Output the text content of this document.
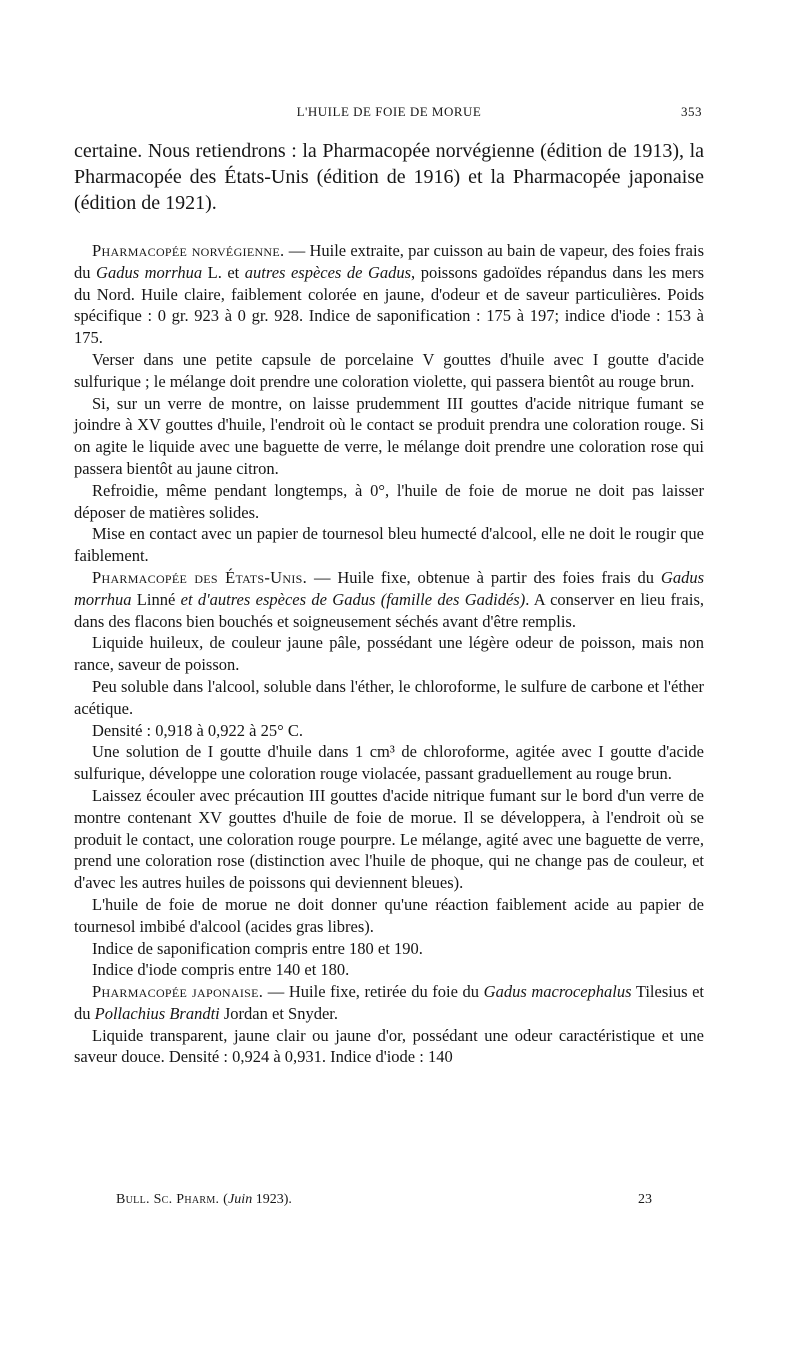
L'HUILE DE FOIE DE MORUE	353
certaine. Nous retiendrons : la Pharmacopée norvégienne (édition de 1913), la Pharmacopée des États-Unis (édition de 1916) et la Pharmacopée japonaise (édition de 1921).

Pharmacopée norvégienne. — Huile extraite, par cuisson au bain de vapeur, des foies frais du Gadus morrhua L. et autres espèces de Gadus, poissons gadoïdes répandus dans les mers du Nord. Huile claire, faiblement colorée en jaune, d'odeur et de saveur particulières. Poids spécifique : 0 gr. 923 à 0 gr. 928. Indice de saponification : 175 à 197; indice d'iode : 153 à 175.

Verser dans une petite capsule de porcelaine V gouttes d'huile avec I goutte d'acide sulfurique ; le mélange doit prendre une coloration violette, qui passera bientôt au rouge brun.

Si, sur un verre de montre, on laisse prudemment III gouttes d'acide nitrique fumant se joindre à XV gouttes d'huile, l'endroit où le contact se produit prendra une coloration rouge. Si on agite le liquide avec une baguette de verre, le mélange doit prendre une coloration rose qui passera bientôt au jaune citron.

Refroidie, même pendant longtemps, à 0°, l'huile de foie de morue ne doit pas laisser déposer de matières solides.

Mise en contact avec un papier de tournesol bleu humecté d'alcool, elle ne doit le rougir que faiblement.

Pharmacopée des États-Unis. — Huile fixe, obtenue à partir des foies frais du Gadus morrhua Linné et d'autres espèces de Gadus (famille des Gadidés). A conserver en lieu frais, dans des flacons bien bouchés et soigneusement séchés avant d'être remplis.

Liquide huileux, de couleur jaune pâle, possédant une légère odeur de poisson, mais non rance, saveur de poisson.

Peu soluble dans l'alcool, soluble dans l'éther, le chloroforme, le sulfure de carbone et l'éther acétique.

Densité : 0,918 à 0,922 à 25° C.

Une solution de I goutte d'huile dans 1 cm³ de chloroforme, agitée avec I goutte d'acide sulfurique, développe une coloration rouge violacée, passant graduellement au rouge brun.

Laissez écouler avec précaution III gouttes d'acide nitrique fumant sur le bord d'un verre de montre contenant XV gouttes d'huile de foie de morue. Il se développera, à l'endroit où se produit le contact, une coloration rouge pourpre. Le mélange, agité avec une baguette de verre, prend une coloration rose (distinction avec l'huile de phoque, qui ne change pas de couleur, et d'avec les autres huiles de poissons qui deviennent bleues).

L'huile de foie de morue ne doit donner qu'une réaction faiblement acide au papier de tournesol imbibé d'alcool (acides gras libres).

Indice de saponification compris entre 180 et 190.

Indice d'iode compris entre 140 et 180.

Pharmacopée japonaise. — Huile fixe, retirée du foie du Gadus macrocephalus Tilesius et du Pollachius Brandti Jordan et Snyder.

Liquide transparent, jaune clair ou jaune d'or, possédant une odeur caractéristique et une saveur douce. Densité : 0,924 à 0,931. Indice d'iode : 140

Bull. Sc. Pharm. (Juin 1923).	23
